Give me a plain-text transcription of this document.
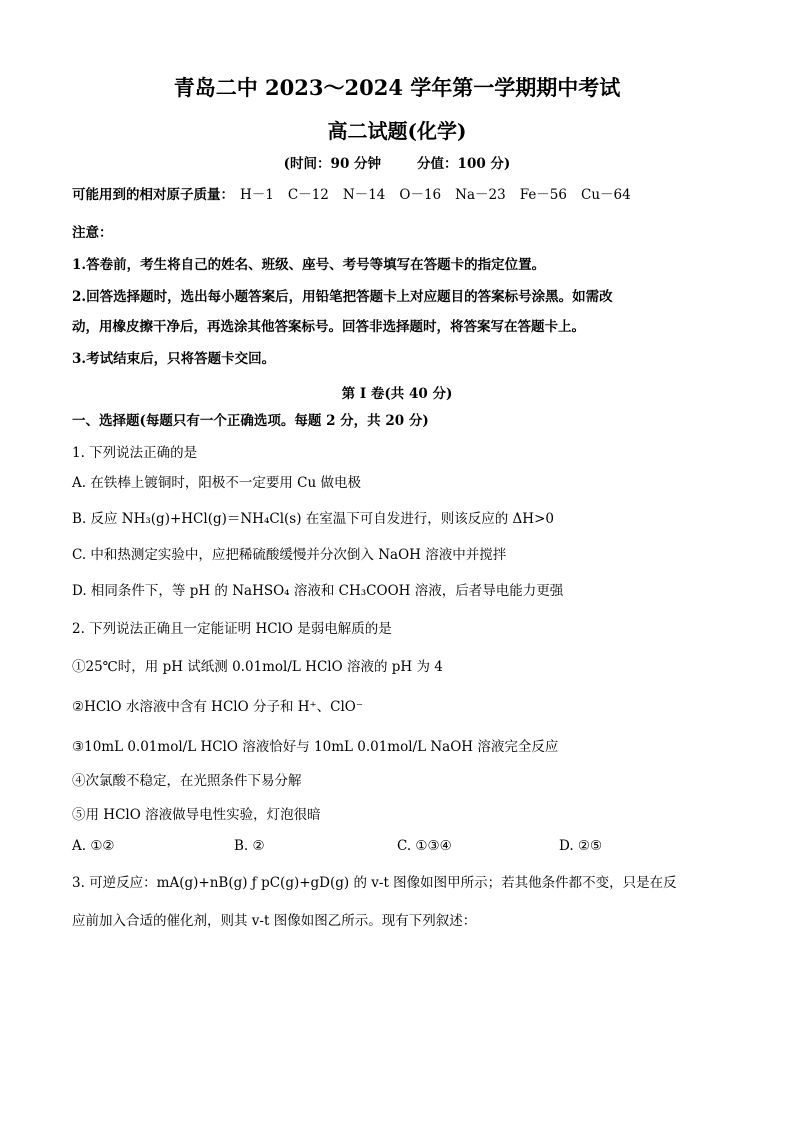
青岛二中 2023～2024 学年第一学期期中考试
高二试题(化学)
(时间：90 分钟	分值：100 分)
可能用到的相对原子质量： H－1 C－12 N－14 O－16 Na－23 Fe－56 Cu－64
注意：
1.答卷前，考生将自己的姓名、班级、座号、考号等填写在答题卡的指定位置。
2.回答选择题时，选出每小题答案后，用铅笔把答题卡上对应题目的答案标号涂黑。如需改
动，用橡皮擦干净后，再选涂其他答案标号。回答非选择题时，将答案写在答题卡上。
3.考试结束后，只将答题卡交回。
第 I 卷(共 40 分)
一、选择题(每题只有一个正确选项。每题 2 分，共 20 分)
1. 下列说法正确的是
A. 在铁棒上镀铜时，阳极不一定要用 Cu 做电极
B. 反应 NH₃(g)+HCl(g)＝NH₄Cl(s) 在室温下可自发进行，则该反应的 ΔH>0
C. 中和热测定实验中，应把稀硫酸缓慢并分次倒入 NaOH 溶液中并搅拌
D. 相同条件下，等 pH 的 NaHSO₄ 溶液和 CH₃COOH 溶液，后者导电能力更强
2. 下列说法正确且一定能证明 HClO 是弱电解质的是
①25℃时，用 pH 试纸测 0.01mol/L HClO 溶液的 pH 为 4
②HClO 水溶液中含有 HClO 分子和 H⁺、ClO⁻
③10mL 0.01mol/L HClO 溶液恰好与 10mL 0.01mol/L NaOH 溶液完全反应
④次氯酸不稳定，在光照条件下易分解
⑤用 HClO 溶液做导电性实验，灯泡很暗
A. ①②	B. ②	C. ①③④	D. ②⑤
3. 可逆反应：mA(g)+nB(g) ƒ pC(g)+gD(g) 的 v-t 图像如图甲所示；若其他条件都不变，只是在反
应前加入合适的催化剂，则其 v-t 图像如图乙所示。现有下列叙述：
